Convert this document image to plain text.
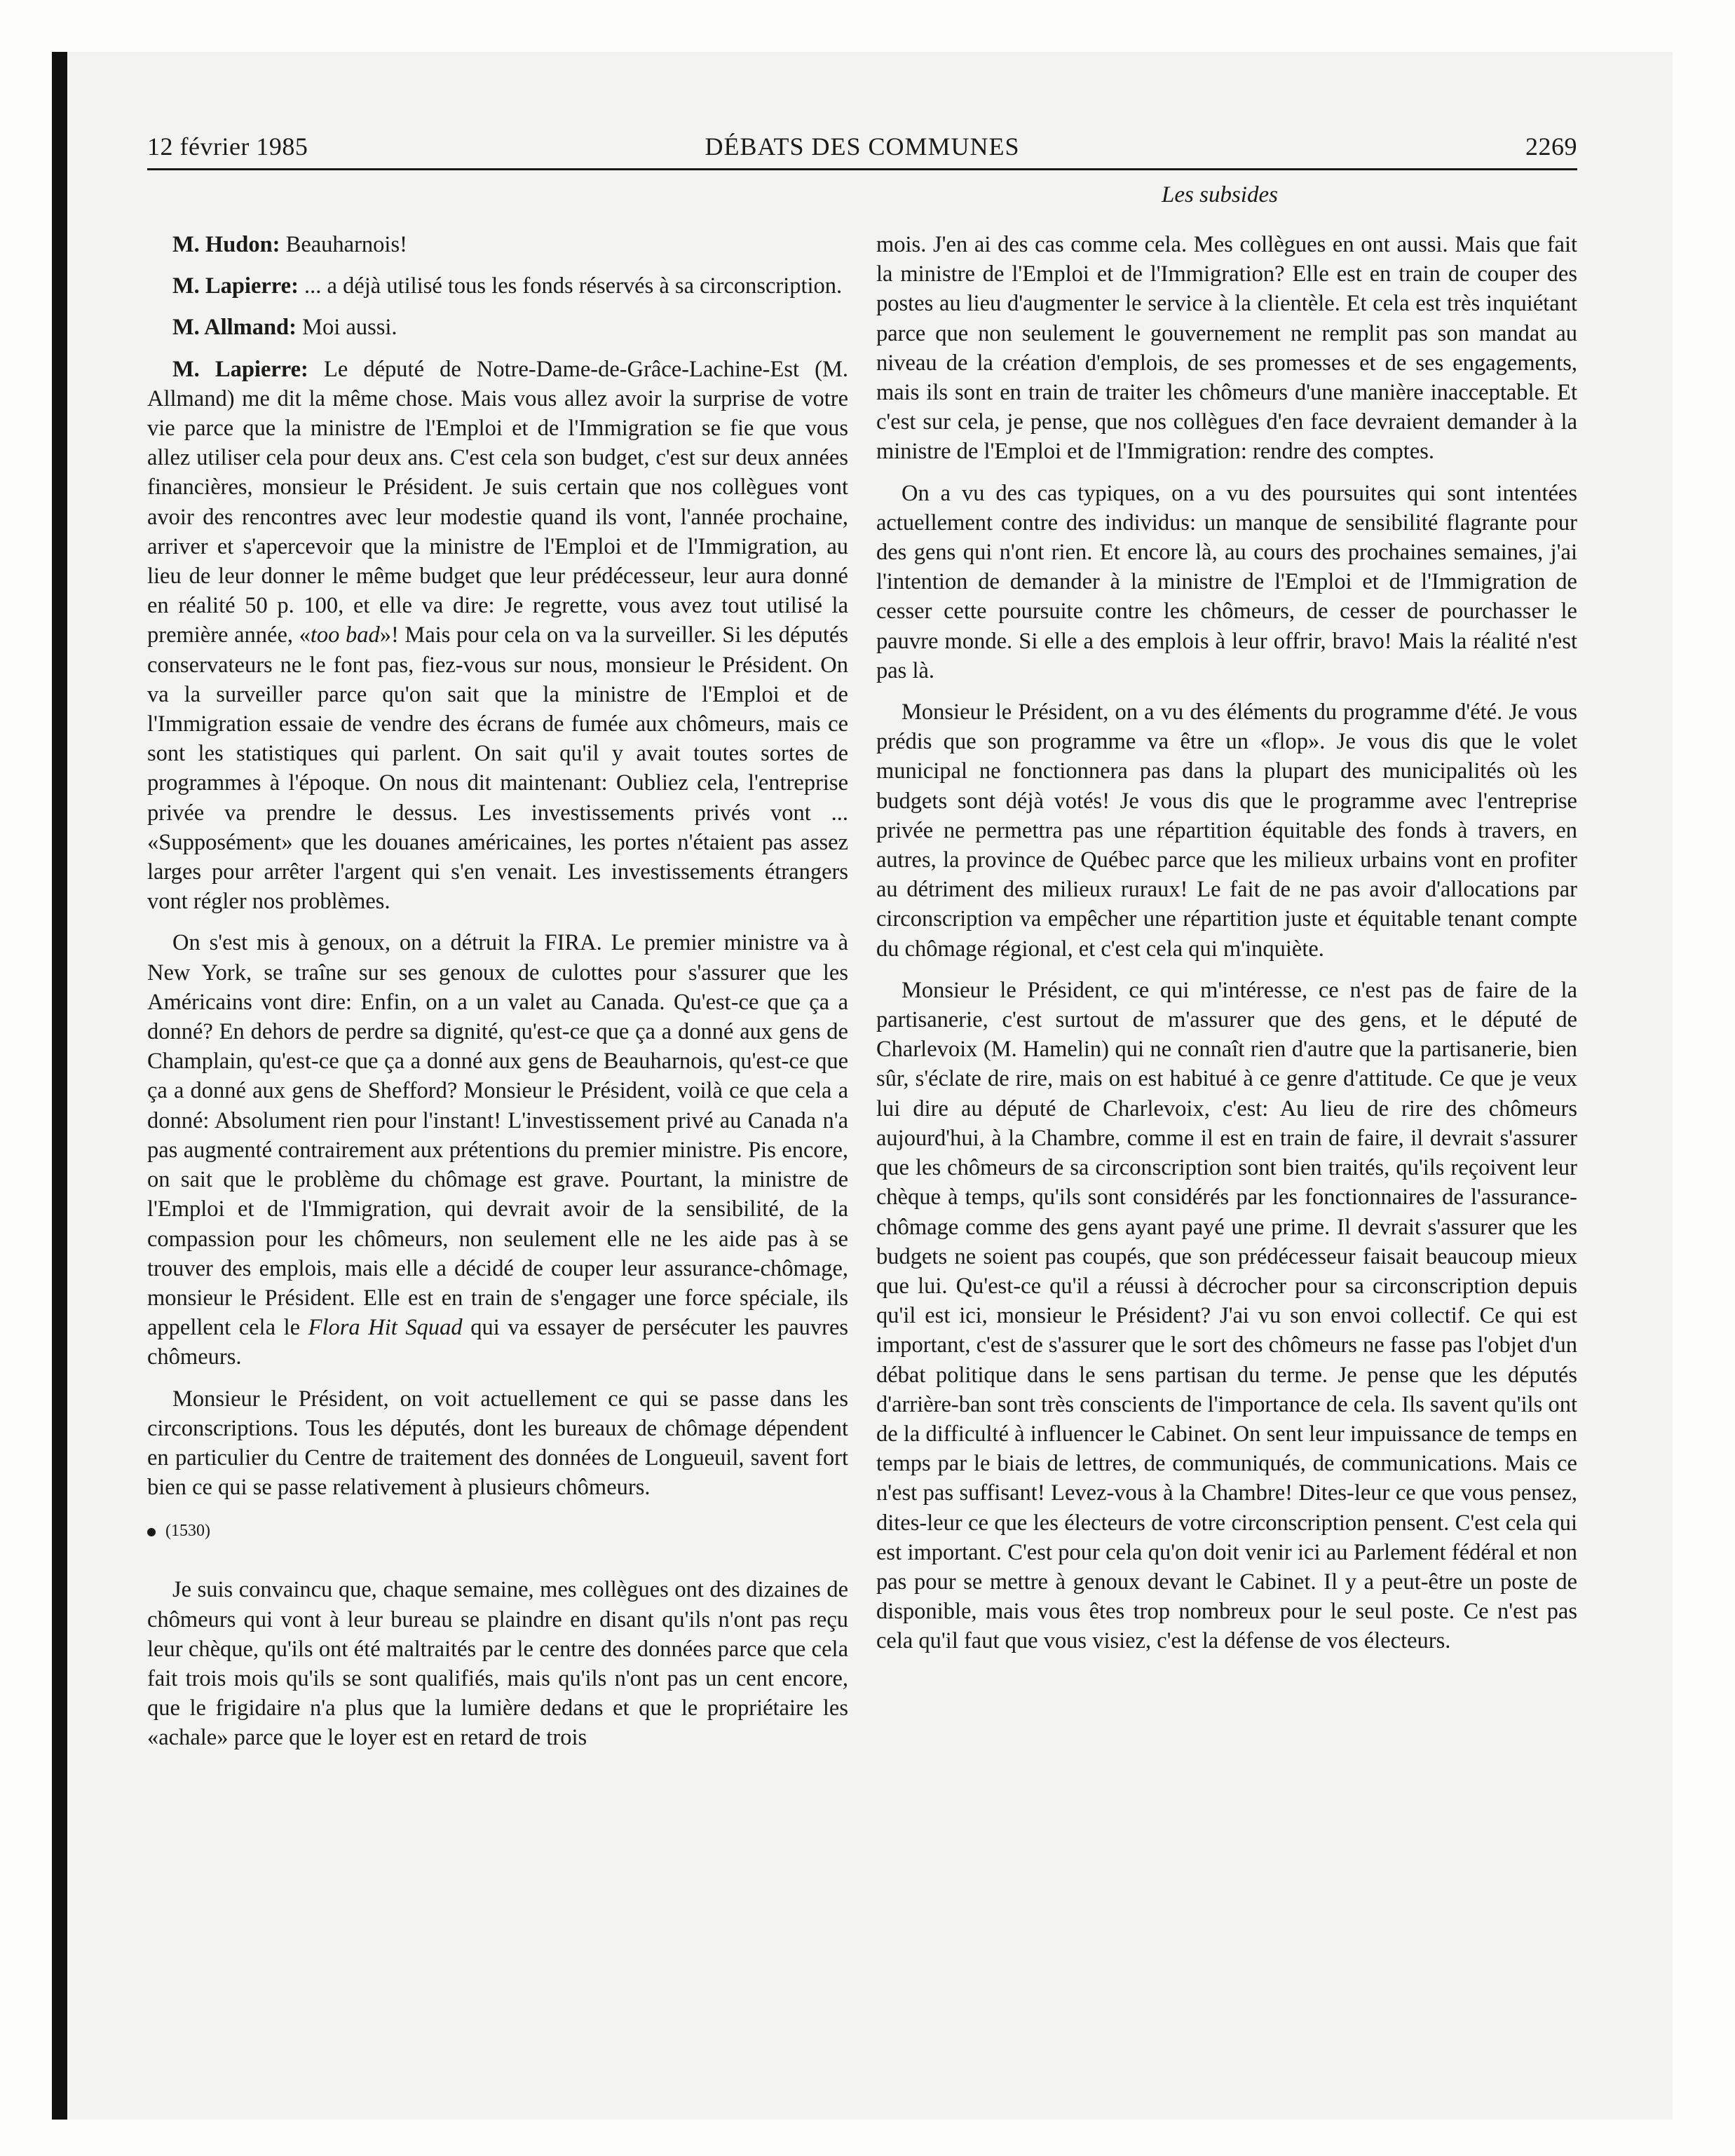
12 février 1985	DÉBATS DES COMMUNES	2269
Les subsides

M. Hudon: Beauharnois!

M. Lapierre: ... a déjà utilisé tous les fonds réservés à sa circonscription.

M. Allmand: Moi aussi.

M. Lapierre: Le député de Notre-Dame-de-Grâce-Lachine-Est (M. Allmand) me dit la même chose. Mais vous allez avoir la surprise de votre vie parce que la ministre de l'Emploi et de l'Immigration se fie que vous allez utiliser cela pour deux ans. C'est cela son budget, c'est sur deux années financières, monsieur le Président. Je suis certain que nos collègues vont avoir des rencontres avec leur modestie quand ils vont, l'année prochaine, arriver et s'apercevoir que la ministre de l'Emploi et de l'Immigration, au lieu de leur donner le même budget que leur prédécesseur, leur aura donné en réalité 50 p. 100, et elle va dire: Je regrette, vous avez tout utilisé la première année, «too bad»! Mais pour cela on va la surveiller. Si les députés conservateurs ne le font pas, fiez-vous sur nous, monsieur le Président. On va la surveiller parce qu'on sait que la ministre de l'Emploi et de l'Immigration essaie de vendre des écrans de fumée aux chômeurs, mais ce sont les statistiques qui parlent. On sait qu'il y avait toutes sortes de programmes à l'époque. On nous dit maintenant: Oubliez cela, l'entreprise privée va prendre le dessus. Les investissements privés vont ... «Supposément» que les douanes américaines, les portes n'étaient pas assez larges pour arrêter l'argent qui s'en venait. Les investissements étrangers vont régler nos problèmes.

On s'est mis à genoux, on a détruit la FIRA. Le premier ministre va à New York, se traîne sur ses genoux de culottes pour s'assurer que les Américains vont dire: Enfin, on a un valet au Canada. Qu'est-ce que ça a donné? En dehors de perdre sa dignité, qu'est-ce que ça a donné aux gens de Champlain, qu'est-ce que ça a donné aux gens de Beauharnois, qu'est-ce que ça a donné aux gens de Shefford? Monsieur le Président, voilà ce que cela a donné: Absolument rien pour l'instant! L'investissement privé au Canada n'a pas augmenté contrairement aux prétentions du premier ministre. Pis encore, on sait que le problème du chômage est grave. Pourtant, la ministre de l'Emploi et de l'Immigration, qui devrait avoir de la sensibilité, de la compassion pour les chômeurs, non seulement elle ne les aide pas à se trouver des emplois, mais elle a décidé de couper leur assurance-chômage, monsieur le Président. Elle est en train de s'engager une force spéciale, ils appellent cela le Flora Hit Squad qui va essayer de persécuter les pauvres chômeurs.

Monsieur le Président, on voit actuellement ce qui se passe dans les circonscriptions. Tous les députés, dont les bureaux de chômage dépendent en particulier du Centre de traitement des données de Longueuil, savent fort bien ce qui se passe relativement à plusieurs chômeurs.

(1530)

Je suis convaincu que, chaque semaine, mes collègues ont des dizaines de chômeurs qui vont à leur bureau se plaindre en disant qu'ils n'ont pas reçu leur chèque, qu'ils ont été maltraités par le centre des données parce que cela fait trois mois qu'ils se sont qualifiés, mais qu'ils n'ont pas un cent encore, que le frigidaire n'a plus que la lumière dedans et que le propriétaire les «achale» parce que le loyer est en retard de trois

mois. J'en ai des cas comme cela. Mes collègues en ont aussi. Mais que fait la ministre de l'Emploi et de l'Immigration? Elle est en train de couper des postes au lieu d'augmenter le service à la clientèle. Et cela est très inquiétant parce que non seulement le gouvernement ne remplit pas son mandat au niveau de la création d'emplois, de ses promesses et de ses engagements, mais ils sont en train de traiter les chômeurs d'une manière inacceptable. Et c'est sur cela, je pense, que nos collègues d'en face devraient demander à la ministre de l'Emploi et de l'Immigration: rendre des comptes.

On a vu des cas typiques, on a vu des poursuites qui sont intentées actuellement contre des individus: un manque de sensibilité flagrante pour des gens qui n'ont rien. Et encore là, au cours des prochaines semaines, j'ai l'intention de demander à la ministre de l'Emploi et de l'Immigration de cesser cette poursuite contre les chômeurs, de cesser de pourchasser le pauvre monde. Si elle a des emplois à leur offrir, bravo! Mais la réalité n'est pas là.

Monsieur le Président, on a vu des éléments du programme d'été. Je vous prédis que son programme va être un «flop». Je vous dis que le volet municipal ne fonctionnera pas dans la plupart des municipalités où les budgets sont déjà votés! Je vous dis que le programme avec l'entreprise privée ne permettra pas une répartition équitable des fonds à travers, en autres, la province de Québec parce que les milieux urbains vont en profiter au détriment des milieux ruraux! Le fait de ne pas avoir d'allocations par circonscription va empêcher une répartition juste et équitable tenant compte du chômage régional, et c'est cela qui m'inquiète.

Monsieur le Président, ce qui m'intéresse, ce n'est pas de faire de la partisanerie, c'est surtout de m'assurer que des gens, et le député de Charlevoix (M. Hamelin) qui ne connaît rien d'autre que la partisanerie, bien sûr, s'éclate de rire, mais on est habitué à ce genre d'attitude. Ce que je veux lui dire au député de Charlevoix, c'est: Au lieu de rire des chômeurs aujourd'hui, à la Chambre, comme il est en train de faire, il devrait s'assurer que les chômeurs de sa circonscription sont bien traités, qu'ils reçoivent leur chèque à temps, qu'ils sont considérés par les fonctionnaires de l'assurance-chômage comme des gens ayant payé une prime. Il devrait s'assurer que les budgets ne soient pas coupés, que son prédécesseur faisait beaucoup mieux que lui. Qu'est-ce qu'il a réussi à décrocher pour sa circonscription depuis qu'il est ici, monsieur le Président? J'ai vu son envoi collectif. Ce qui est important, c'est de s'assurer que le sort des chômeurs ne fasse pas l'objet d'un débat politique dans le sens partisan du terme. Je pense que les députés d'arrière-ban sont très conscients de l'importance de cela. Ils savent qu'ils ont de la difficulté à influencer le Cabinet. On sent leur impuissance de temps en temps par le biais de lettres, de communiqués, de communications. Mais ce n'est pas suffisant! Levez-vous à la Chambre! Dites-leur ce que vous pensez, dites-leur ce que les électeurs de votre circonscription pensent. C'est cela qui est important. C'est pour cela qu'on doit venir ici au Parlement fédéral et non pas pour se mettre à genoux devant le Cabinet. Il y a peut-être un poste de disponible, mais vous êtes trop nombreux pour le seul poste. Ce n'est pas cela qu'il faut que vous visiez, c'est la défense de vos électeurs.
